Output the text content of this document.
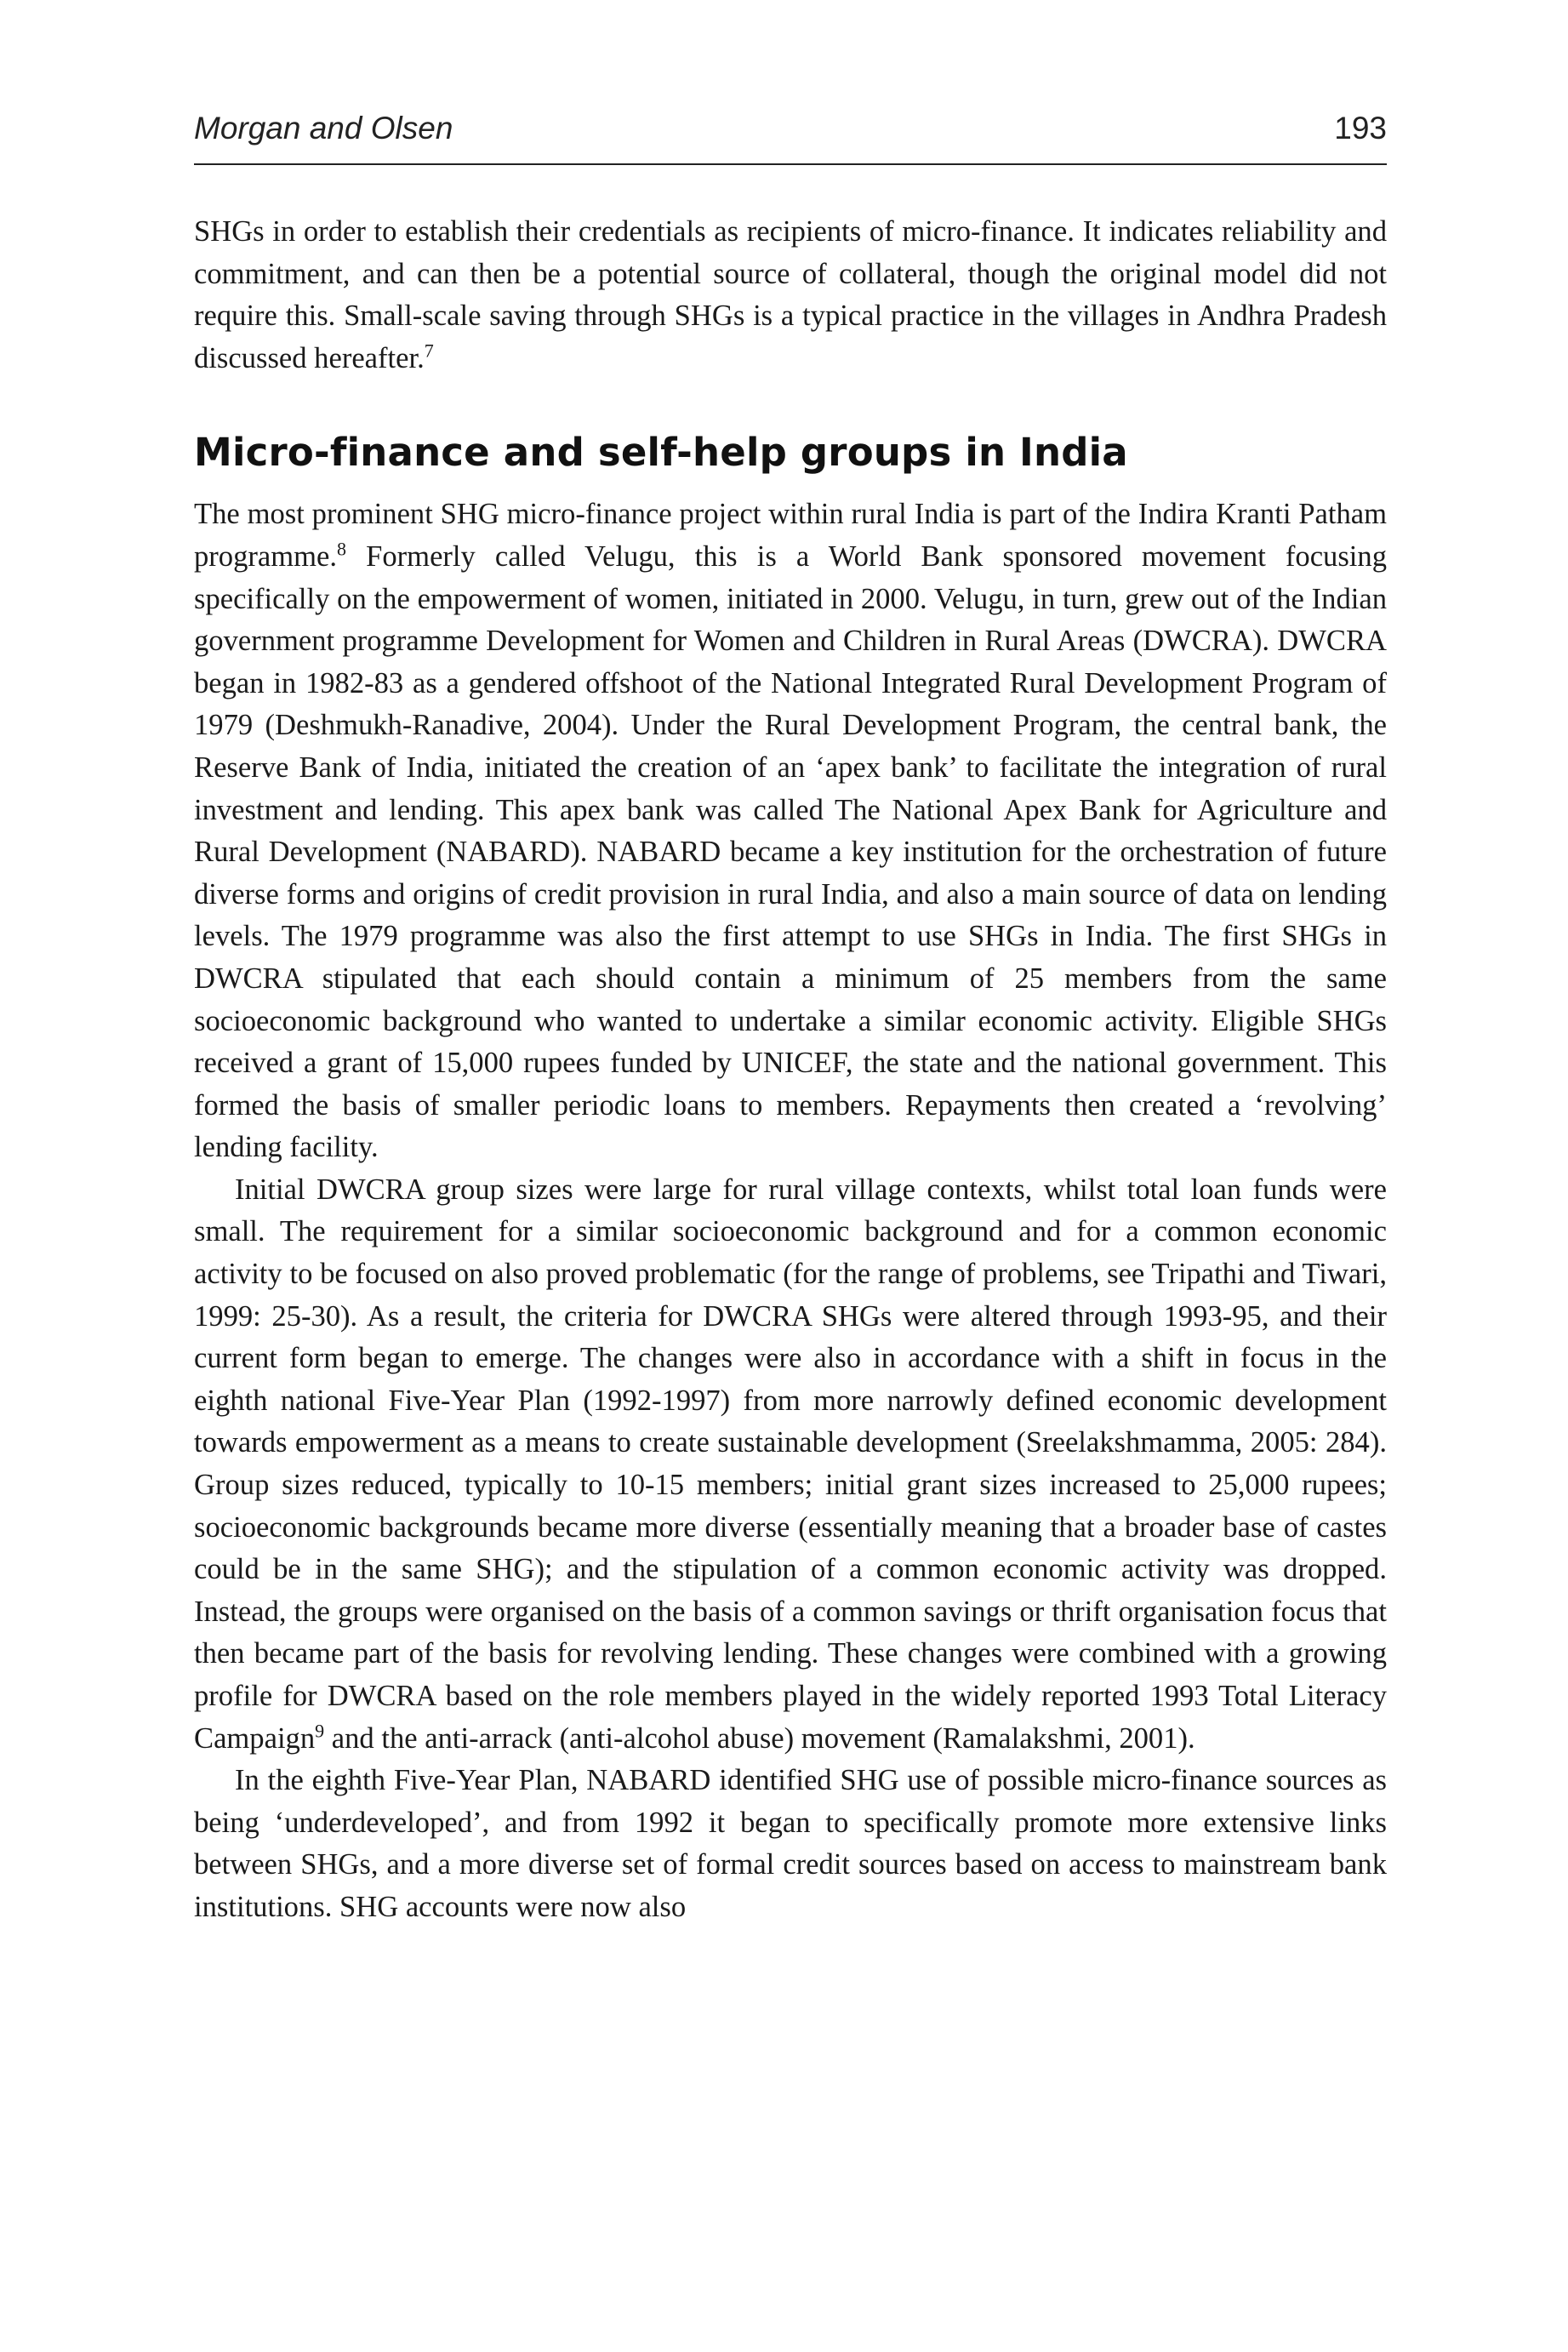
Morgan and Olsen	193

SHGs in order to establish their credentials as recipients of micro-finance. It indicates reliability and commitment, and can then be a potential source of collateral, though the original model did not require this. Small-scale saving through SHGs is a typical practice in the villages in Andhra Pradesh discussed hereafter.$^7$

Micro-finance and self-help groups in India

The most prominent SHG micro-finance project within rural India is part of the Indira Kranti Patham programme.$^8$ Formerly called Velugu, this is a World Bank sponsored movement focusing specifically on the empowerment of women, initiated in 2000. Velugu, in turn, grew out of the Indian government programme Development for Women and Children in Rural Areas (DWCRA). DWCRA began in 1982-83 as a gendered offshoot of the National Integrated Rural Development Program of 1979 (Deshmukh-Ranadive, 2004). Under the Rural Development Program, the central bank, the Reserve Bank of India, initiated the creation of an ‘apex bank’ to facilitate the integration of rural investment and lending. This apex bank was called The National Apex Bank for Agriculture and Rural Development (NABARD). NABARD became a key institution for the orchestration of future diverse forms and origins of credit provision in rural India, and also a main source of data on lending levels. The 1979 programme was also the first attempt to use SHGs in India. The first SHGs in DWCRA stipulated that each should contain a minimum of 25 members from the same socioeconomic background who wanted to undertake a similar economic activity. Eligible SHGs received a grant of 15,000 rupees funded by UNICEF, the state and the national government. This formed the basis of smaller periodic loans to members. Repayments then created a ‘revolving’ lending facility.

Initial DWCRA group sizes were large for rural village contexts, whilst total loan funds were small. The requirement for a similar socioeconomic background and for a common economic activity to be focused on also proved problematic (for the range of problems, see Tripathi and Tiwari, 1999: 25-30). As a result, the criteria for DWCRA SHGs were altered through 1993-95, and their current form began to emerge. The changes were also in accordance with a shift in focus in the eighth national Five-Year Plan (1992-1997) from more narrowly defined economic development towards empowerment as a means to create sustainable development (Sreelakshmamma, 2005: 284). Group sizes reduced, typically to 10-15 members; initial grant sizes increased to 25,000 rupees; socioeconomic backgrounds became more diverse (essentially meaning that a broader base of castes could be in the same SHG); and the stipulation of a common economic activity was dropped. Instead, the groups were organised on the basis of a common savings or thrift organisation focus that then became part of the basis for revolving lending. These changes were combined with a growing profile for DWCRA based on the role members played in the widely reported 1993 Total Literacy Campaign$^9$ and the anti-arrack (anti-alcohol abuse) movement (Ramalakshmi, 2001).

In the eighth Five-Year Plan, NABARD identified SHG use of possible micro-finance sources as being ‘underdeveloped’, and from 1992 it began to specifically promote more extensive links between SHGs, and a more diverse set of formal credit sources based on access to mainstream bank institutions. SHG accounts were now also
